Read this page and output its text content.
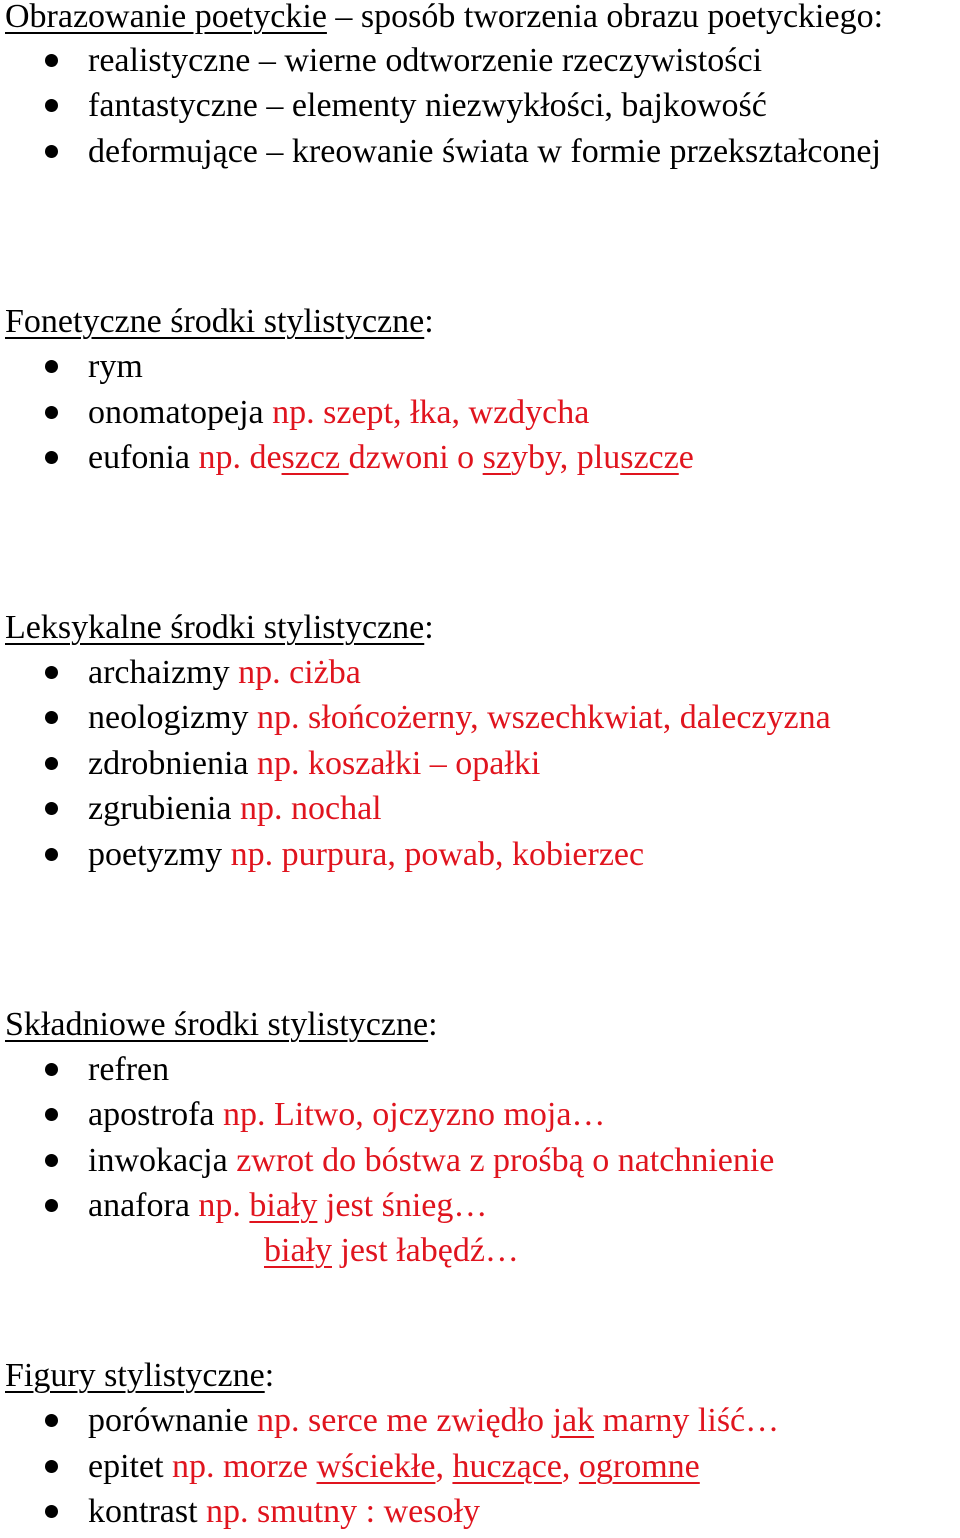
Obrazowanie poetyckie – sposób tworzenia obrazu poetyckiego:
realistyczne – wierne odtworzenie rzeczywistości
fantastyczne – elementy niezwykłości, bajkowość
deformujące – kreowanie świata w formie przekształconej
Fonetyczne środki stylistyczne:
rym
onomatopeja np. szept, łka, wzdycha
eufonia np. deszcz dzwoni o szyby, pluszcze
Leksykalne środki stylistyczne:
archaizmy np. ciżba
neologizmy np. słońcożerny, wszechkwiat, daleczyzna
zdrobnienia np. koszałki – opałki
zgrubienia np. nochal
poetyzmy np. purpura, powab, kobierzec
Składniowe środki stylistyczne:
refren
apostrofa np. Litwo, ojczyzno moja…
inwokacja zwrot do bóstwa z prośbą o natchnienie
anafora np. biały jest śnieg…
biały jest łabędź…
Figury stylistyczne:
porównanie np. serce me zwiędło jak marny liść…
epitet np. morze wściekłe, huczące, ogromne
kontrast np. smutny : wesoły
